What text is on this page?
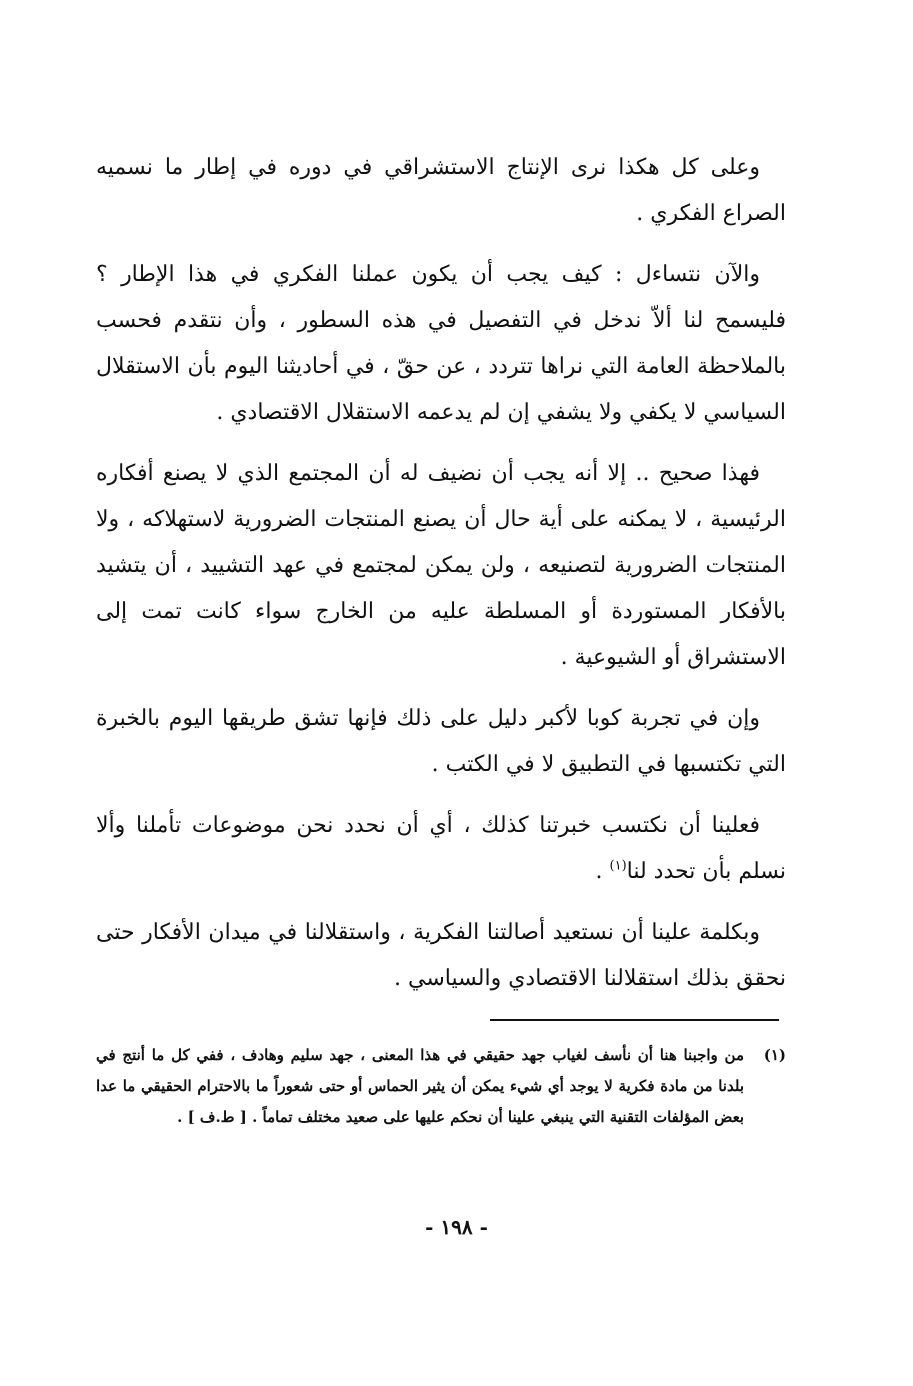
وعلى كل هكذا نرى الإنتاج الاستشراقي في دوره في إطار ما نسميه الصراع الفكري .

والآن نتساءل : كيف يجب أن يكون عملنا الفكري في هذا الإطار ؟ فليسمح لنا ألاّ ندخل في التفصيل في هذه السطور ، وأن نتقدم فحسب بالملاحظة العامة التي نراها تتردد ، عن حقّ ، في أحاديثنا اليوم بأن الاستقلال السياسي لا يكفي ولا يشفي إن لم يدعمه الاستقلال الاقتصادي .

فهذا صحيح .. إلا أنه يجب أن نضيف له أن المجتمع الذي لا يصنع أفكاره الرئيسية ، لا يمكنه على أية حال أن يصنع المنتجات الضرورية لاستهلاكه ، ولا المنتجات الضرورية لتصنيعه ، ولن يمكن لمجتمع في عهد التشييد ، أن يتشيد بالأفكار المستوردة أو المسلطة عليه من الخارج سواء كانت تمت إلى الاستشراق أو الشيوعية .

وإن في تجربة كوبا لأكبر دليل على ذلك فإنها تشق طريقها اليوم بالخبرة التي تكتسبها في التطبيق لا في الكتب .

فعلينا أن نكتسب خبرتنا كذلك ، أي أن نحدد نحن موضوعات تأملنا وألا نسلم بأن تحدد لنا$^{(١)}$ .

وبكلمة علينا أن نستعيد أصالتنا الفكرية ، واستقلالنا في ميدان الأفكار حتى نحقق بذلك استقلالنا الاقتصادي والسياسي .

(١)
من واجبنا هنا أن نأسف لغياب جهد حقيقي في هذا المعنى ، جهد سليم وهادف ، ففي كل ما أنتج في بلدنا من مادة فكرية لا يوجد أي شيء يمكن أن يثير الحماس أو حتى شعوراً ما بالاحترام الحقيقي ما عدا بعض المؤلفات التقنية التي ينبغي علينا أن نحكم عليها على صعيد مختلف تماماً . [ ط.ف ] .
- ١٩٨ -
